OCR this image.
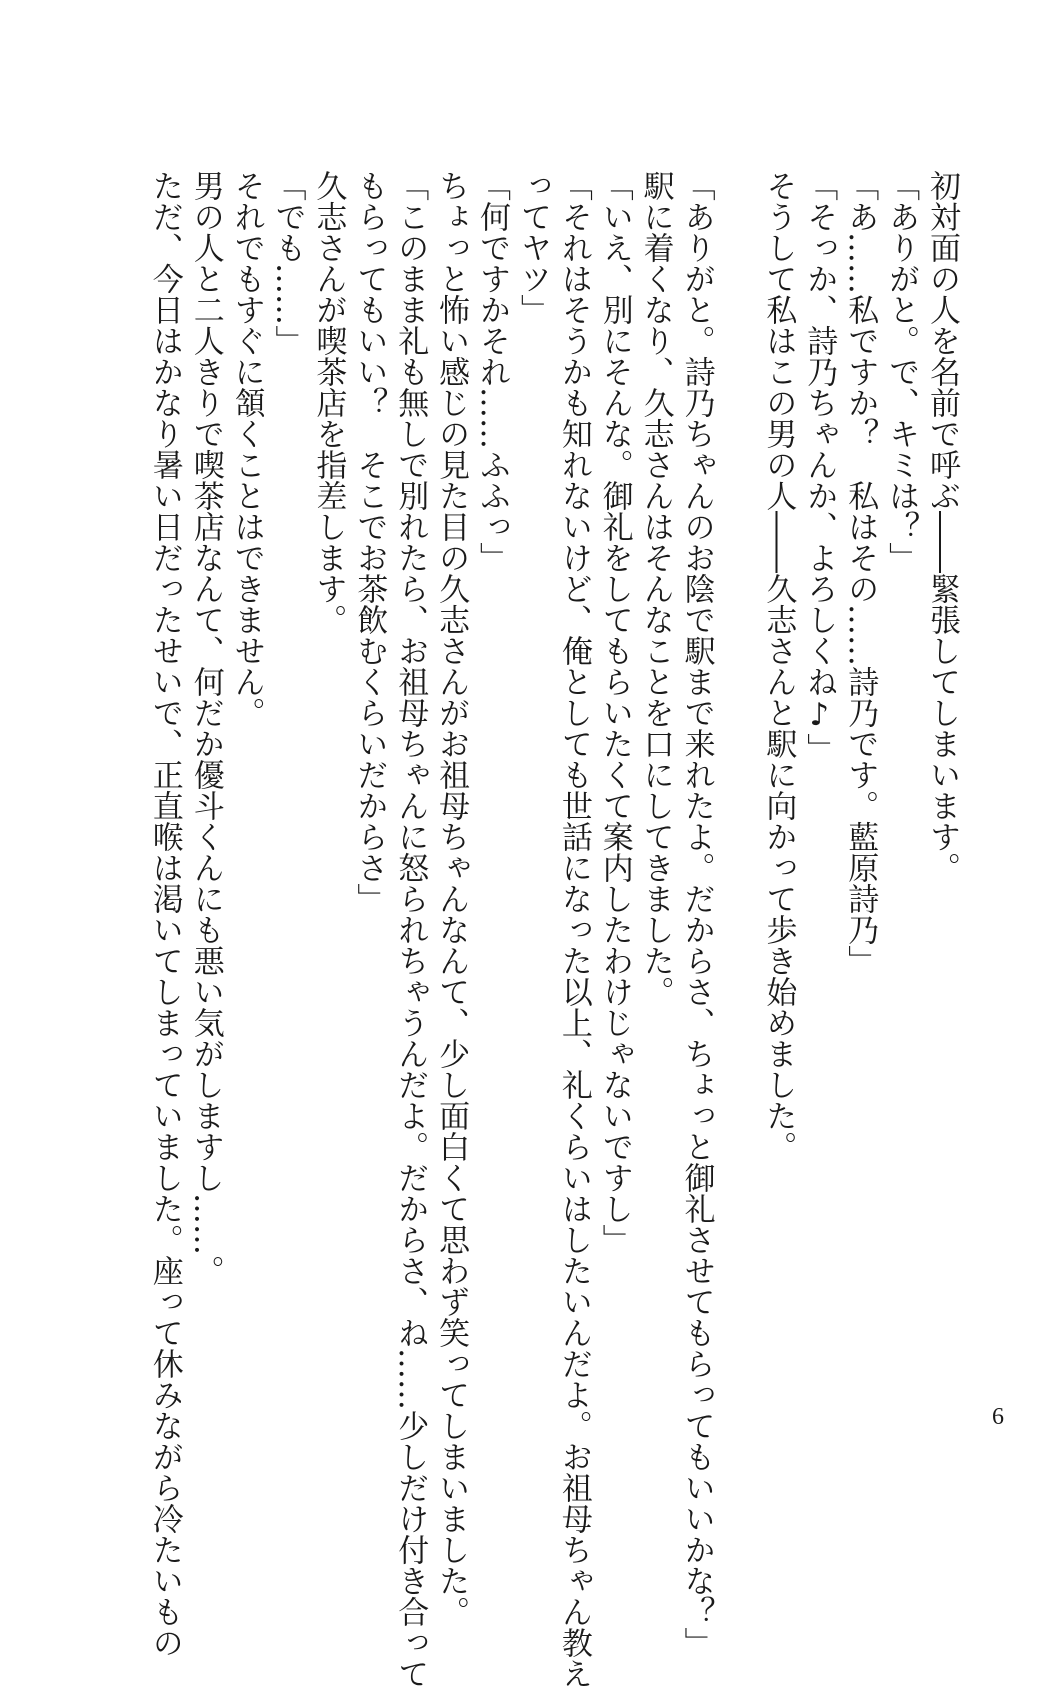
初対面の人を名前で呼ぶ――緊張してしまいます。
「ありがと。で、キミは？」
「あ……私ですか？　私はその……詩乃です。藍原詩乃」
「そっか、詩乃ちゃんか、よろしくね♪」
そうして私はこの男の人――久志さんと駅に向かって歩き始めました。
「ありがと。詩乃ちゃんのお陰で駅まで来れたよ。だからさ、ちょっと御礼させてもらってもいいかな？」
駅に着くなり、久志さんはそんなことを口にしてきました。
「いえ、別にそんな。御礼をしてもらいたくて案内したわけじゃないですし」
「それはそうかも知れないけど、俺としても世話になった以上、礼くらいはしたいんだよ。お祖母ちゃん教え
ってヤツ」
「何ですかそれ……ふふっ」
ちょっと怖い感じの見た目の久志さんがお祖母ちゃんなんて、少し面白くて思わず笑ってしまいました。
「このまま礼も無しで別れたら、お祖母ちゃんに怒られちゃうんだよ。だからさ、ね……少しだけ付き合って
もらってもいい？　そこでお茶飲むくらいだからさ」
久志さんが喫茶店を指差します。
「でも……」
それでもすぐに頷くことはできません。
男の人と二人きりで喫茶店なんて、何だか優斗くんにも悪い気がしますし……。
ただ、今日はかなり暑い日だったせいで、正直喉は渇いてしまっていました。座って休みながら冷たいもの	6
